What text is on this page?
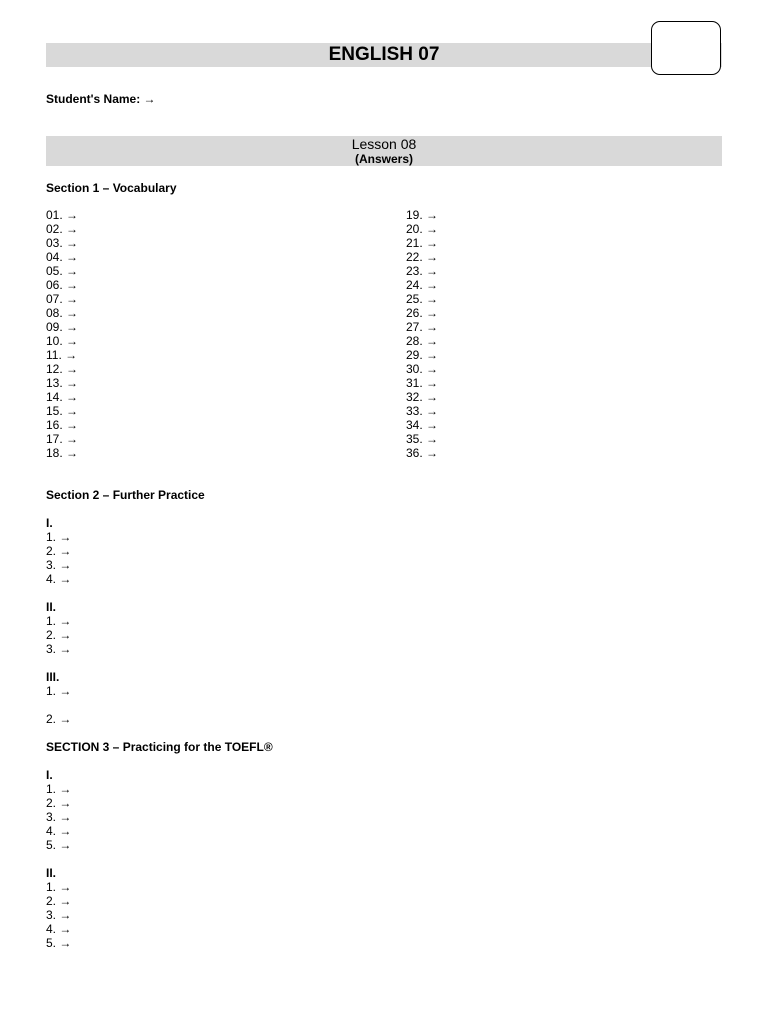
ENGLISH 07
Student's Name: →
Lesson 08
(Answers)
Section 1 – Vocabulary
01. →
02. →
03. →
04. →
05. →
06. →
07. →
08. →
09. →
10. →
11. →
12. →
13. →
14. →
15. →
16. →
17. →
18. →
19. →
20. →
21. →
22. →
23. →
24. →
25. →
26. →
27. →
28. →
29. →
30. →
31. →
32. →
33. →
34. →
35. →
36. →
Section 2 – Further Practice
I.
1. →
2. →
3. →
4. →
II.
1. →
2. →
3. →
III.
1. →
2. →
SECTION 3 – Practicing for the TOEFL®
I.
1. →
2. →
3. →
4. →
5. →
II.
1. →
2. →
3. →
4. →
5. →
